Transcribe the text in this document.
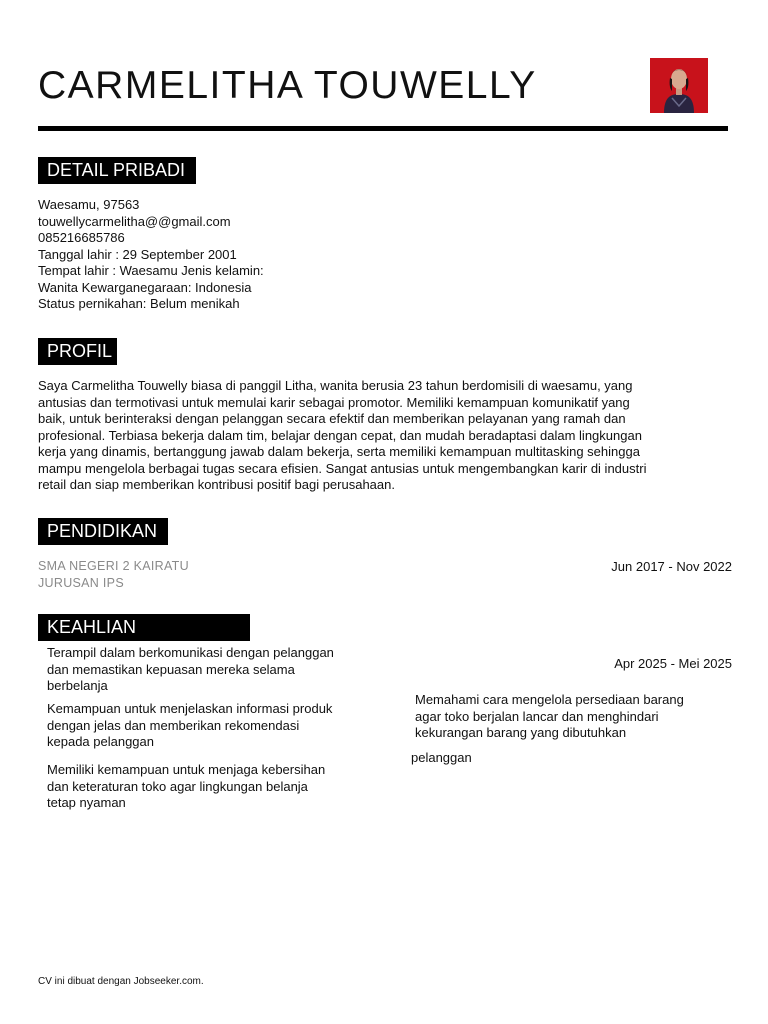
CARMELITHA TOUWELLY
DETAIL PRIBADI
Waesamu, 97563
touwellycarmelitha@@gmail.com
085216685786
Tanggal lahir : 29 September 2001
Tempat lahir : Waesamu Jenis kelamin:
Wanita Kewarganegaraan: Indonesia
Status pernikahan: Belum menikah
PROFIL
Saya Carmelitha Touwelly biasa di panggil Litha, wanita berusia 23 tahun berdomisili di waesamu, yang
antusias dan termotivasi untuk memulai karir sebagai promotor. Memiliki kemampuan komunikatif yang
baik, untuk berinteraksi dengan pelanggan secara efektif dan memberikan pelayanan yang ramah dan
profesional. Terbiasa bekerja dalam tim, belajar dengan cepat, dan mudah beradaptasi dalam lingkungan
kerja yang dinamis, bertanggung jawab dalam bekerja, serta memiliki kemampuan multitasking sehingga
mampu mengelola berbagai tugas secara efisien. Sangat antusias untuk mengembangkan karir di industri
retail dan siap memberikan kontribusi positif bagi perusahaan.
PENDIDIKAN
SMA NEGERI 2 KAIRATU
JURUSAN IPS
Jun 2017 - Nov 2022
KEAHLIAN
Apr 2025 - Mei 2025
Terampil dalam berkomunikasi dengan pelanggan
dan memastikan kepuasan mereka selama
berbelanja
Kemampuan untuk menjelaskan informasi produk
dengan jelas dan memberikan rekomendasi
kepada pelanggan
Memiliki kemampuan untuk menjaga kebersihan
dan keteraturan toko agar lingkungan belanja
tetap nyaman
Memahami cara mengelola persediaan barang
agar toko berjalan lancar dan menghindari
kekurangan barang yang dibutuhkan
pelanggan
CV ini dibuat dengan Jobseeker.com.
